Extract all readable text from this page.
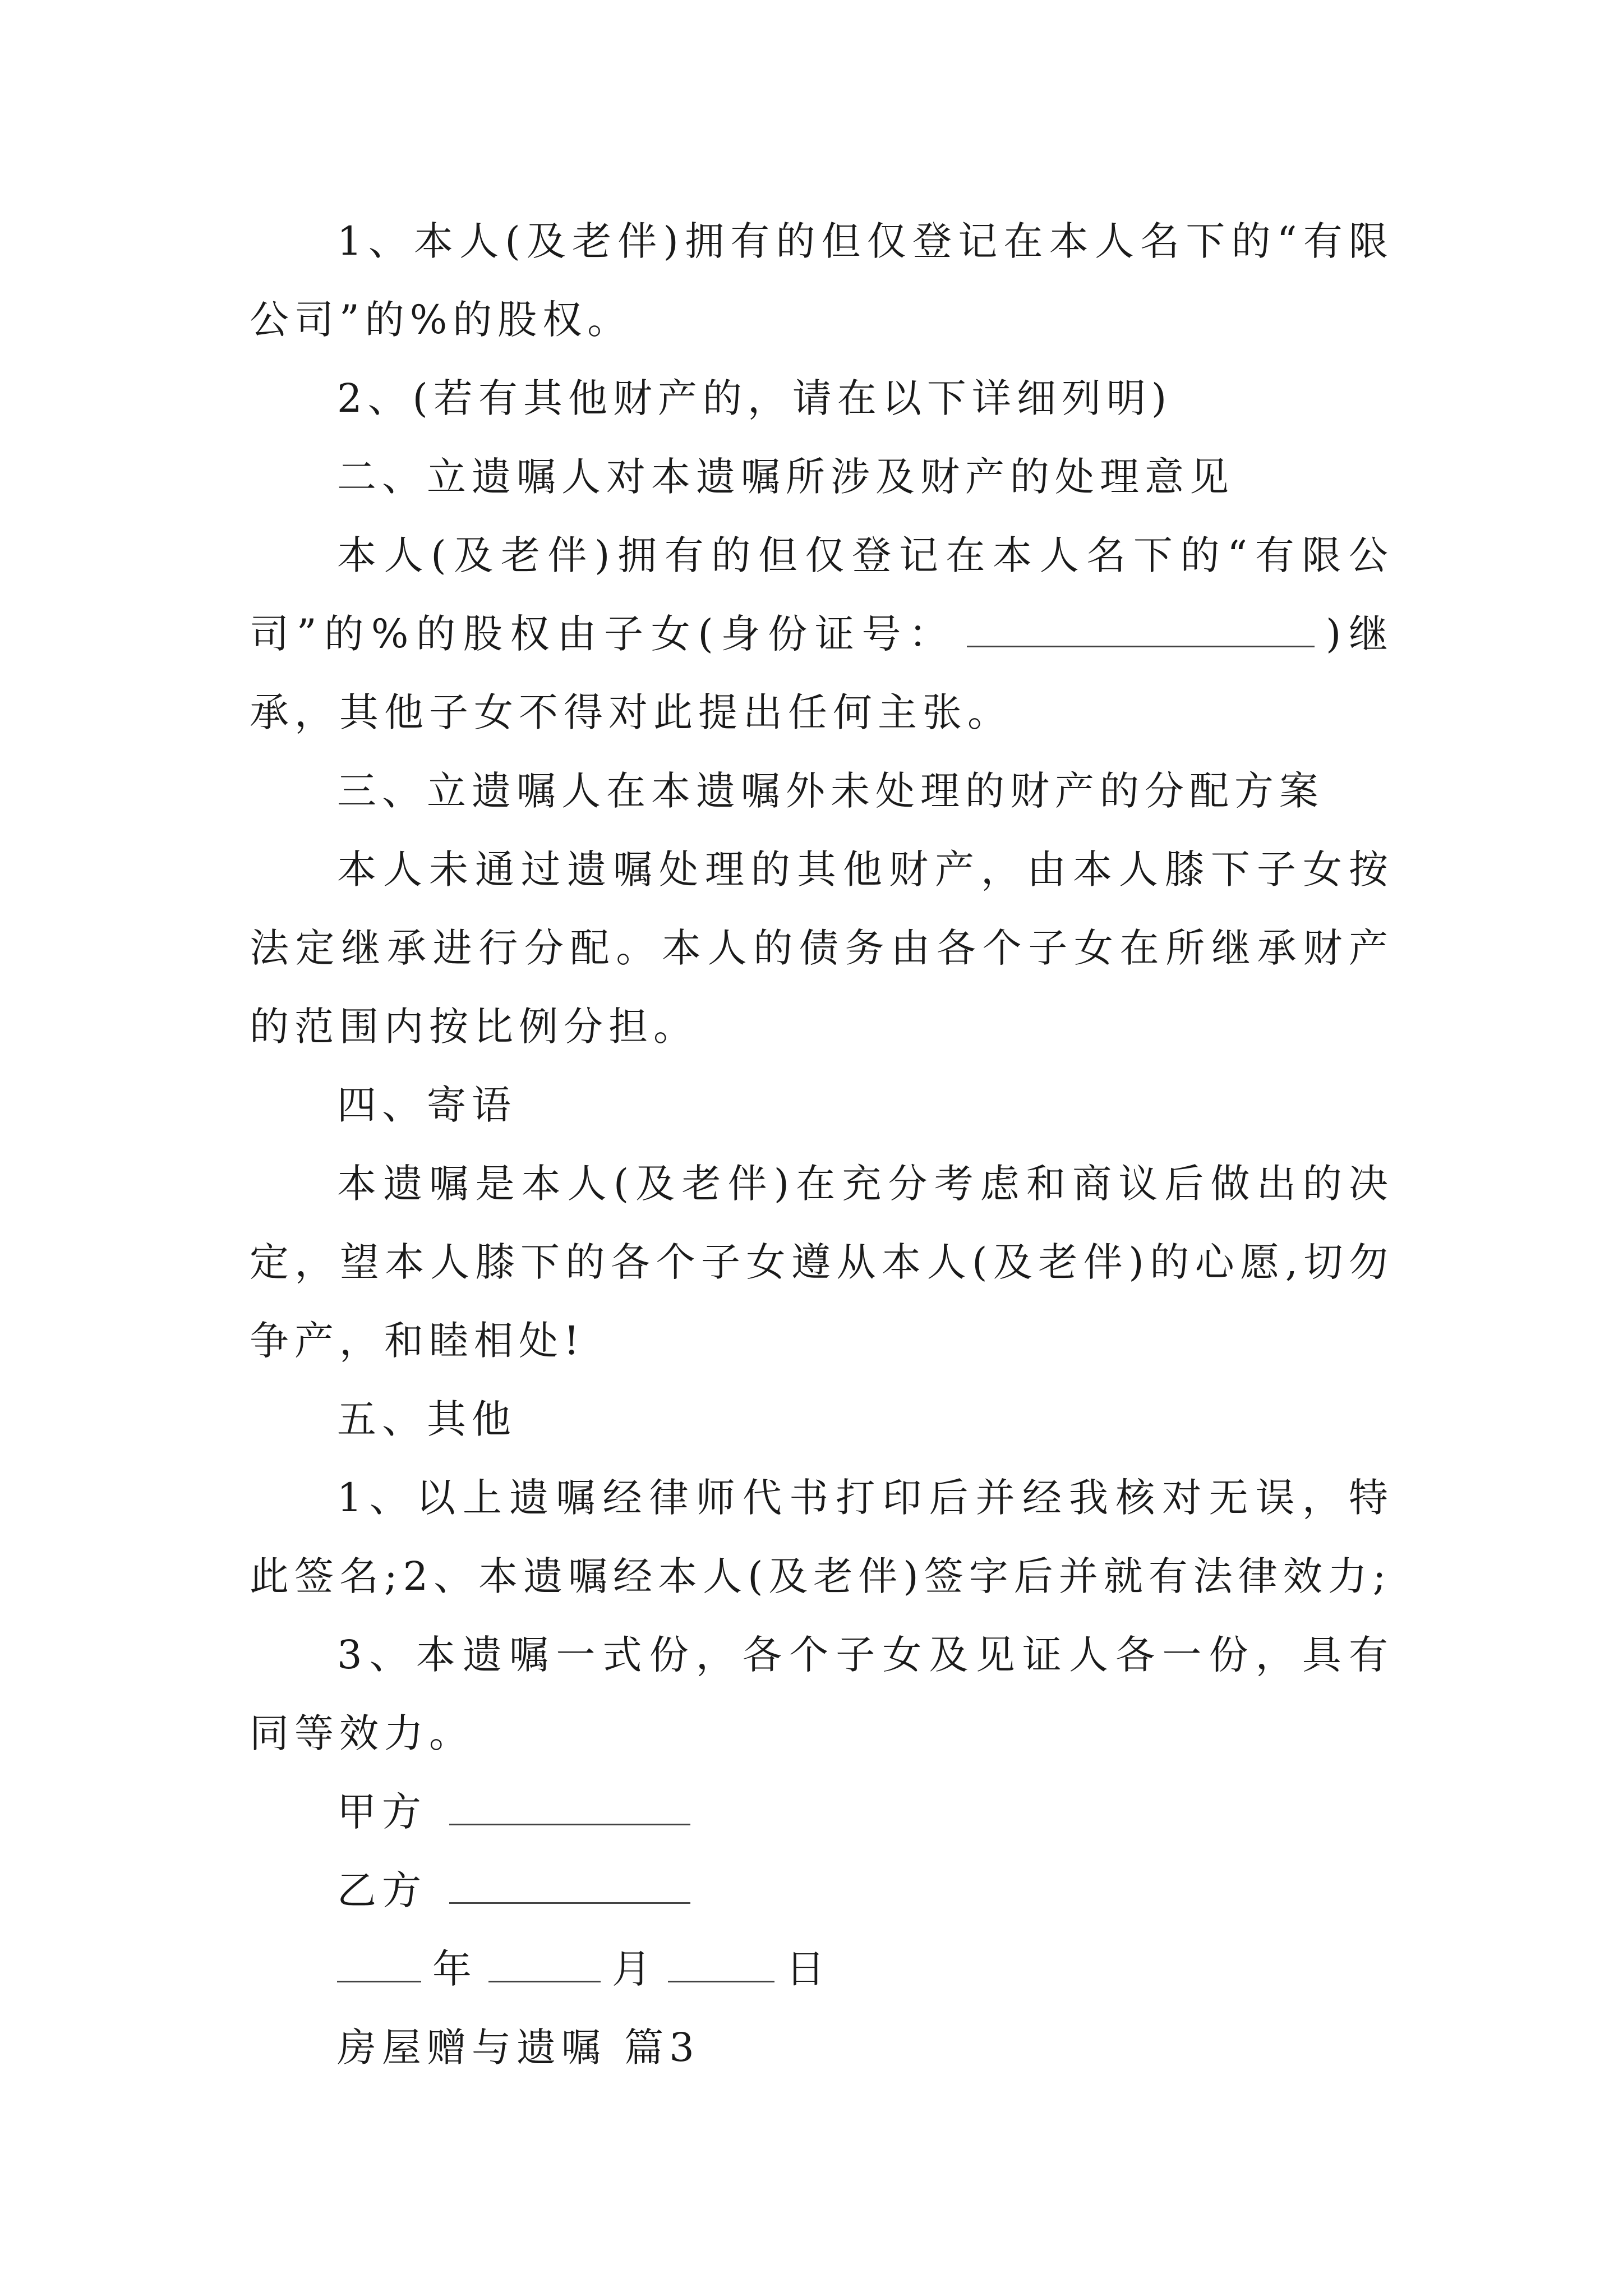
1、本人(及老伴)拥有的但仅登记在本人名下的“有限公司”的%的股权。

2、(若有其他财产的，请在以下详细列明)

二、立遗嘱人对本遗嘱所涉及财产的处理意见

本人(及老伴)拥有的但仅登记在本人名下的“有限公司”的%的股权由子女(身份证号：	)继承，其他子女不得对此提出任何主张。

三、立遗嘱人在本遗嘱外未处理的财产的分配方案

本人未通过遗嘱处理的其他财产，由本人膝下子女按法定继承进行分配。本人的债务由各个子女在所继承财产的范围内按比例分担。

四、寄语

本遗嘱是本人(及老伴)在充分考虑和商议后做出的决定，望本人膝下的各个子女遵从本人(及老伴)的心愿,切勿争产，和睦相处!

五、其他

1、以上遗嘱经律师代书打印后并经我核对无误，特此签名;2、本遗嘱经本人(及老伴)签字后并就有法律效力;

3、本遗嘱一式份，各个子女及见证人各一份，具有同等效力。

甲方

乙方

年	月	日

房屋赠与遗嘱 篇3
